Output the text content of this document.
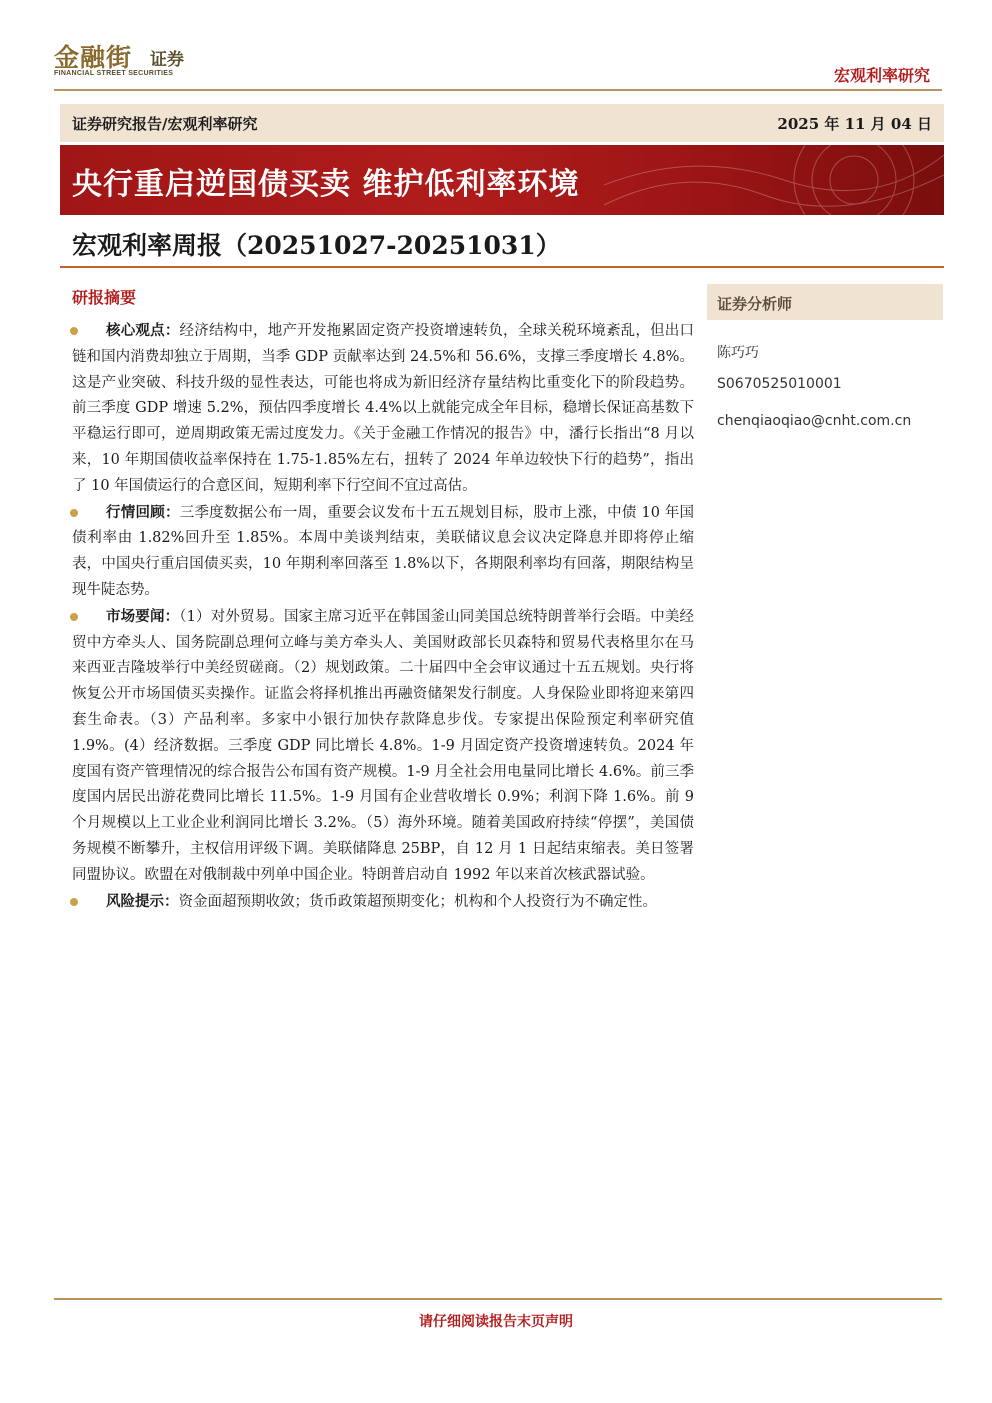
金融街 证券
FINANCIAL STREET SECURITIES	宏观利率研究
证券研究报告/宏观利率研究	2025 年 11 月 04 日
央行重启逆国债买卖 维护低利率环境
宏观利率周报（20251027-20251031）
研报摘要
核心观点：经济结构中，地产开发拖累固定资产投资增速转负，全球关税环境紊乱，但出口链和国内消费却独立于周期，当季 GDP 贡献率达到 24.5%和 56.6%，支撑三季度增长 4.8%。这是产业突破、科技升级的显性表达，可能也将成为新旧经济存量结构比重变化下的阶段趋势。前三季度 GDP 增速 5.2%，预估四季度增长 4.4%以上就能完成全年目标，稳增长保证高基数下平稳运行即可，逆周期政策无需过度发力。《关于金融工作情况的报告》中，潘行长指出“8 月以来，10 年期国债收益率保持在 1.75-1.85%左右，扭转了 2024 年单边较快下行的趋势”，指出了 10 年国债运行的合意区间，短期利率下行空间不宜过高估。
行情回顾：三季度数据公布一周，重要会议发布十五五规划目标，股市上涨，中债 10 年国债利率由 1.82%回升至 1.85%。本周中美谈判结束，美联储议息会议决定降息并即将停止缩表，中国央行重启国债买卖，10 年期利率回落至 1.8%以下，各期限利率均有回落，期限结构呈现牛陡态势。
市场要闻：（1）对外贸易。国家主席习近平在韩国釜山同美国总统特朗普举行会晤。中美经贸中方牵头人、国务院副总理何立峰与美方牵头人、美国财政部长贝森特和贸易代表格里尔在马来西亚吉隆坡举行中美经贸磋商。（2）规划政策。二十届四中全会审议通过十五五规划。央行将恢复公开市场国债买卖操作。证监会将择机推出再融资储架发行制度。人身保险业即将迎来第四套生命表。（3）产品利率。多家中小银行加快存款降息步伐。专家提出保险预定利率研究值 1.9%。(4）经济数据。三季度 GDP 同比增长 4.8%。1-9 月固定资产投资增速转负。2024 年度国有资产管理情况的综合报告公布国有资产规模。1-9 月全社会用电量同比增长 4.6%。前三季度国内居民出游花费同比增长 11.5%。1-9 月国有企业营收增长 0.9%；利润下降 1.6%。前 9 个月规模以上工业企业利润同比增长 3.2%。（5）海外环境。随着美国政府持续“停摆”，美国债务规模不断攀升，主权信用评级下调。美联储降息 25BP，自 12 月 1 日起结束缩表。美日签署同盟协议。欧盟在对俄制裁中列单中国企业。特朗普启动自 1992 年以来首次核武器试验。
风险提示：资金面超预期收敛；货币政策超预期变化；机构和个人投资行为不确定性。
证券分析师
陈巧巧
S0670525010001
chenqiaoqiao@cnht.com.cn
请仔细阅读报告末页声明
